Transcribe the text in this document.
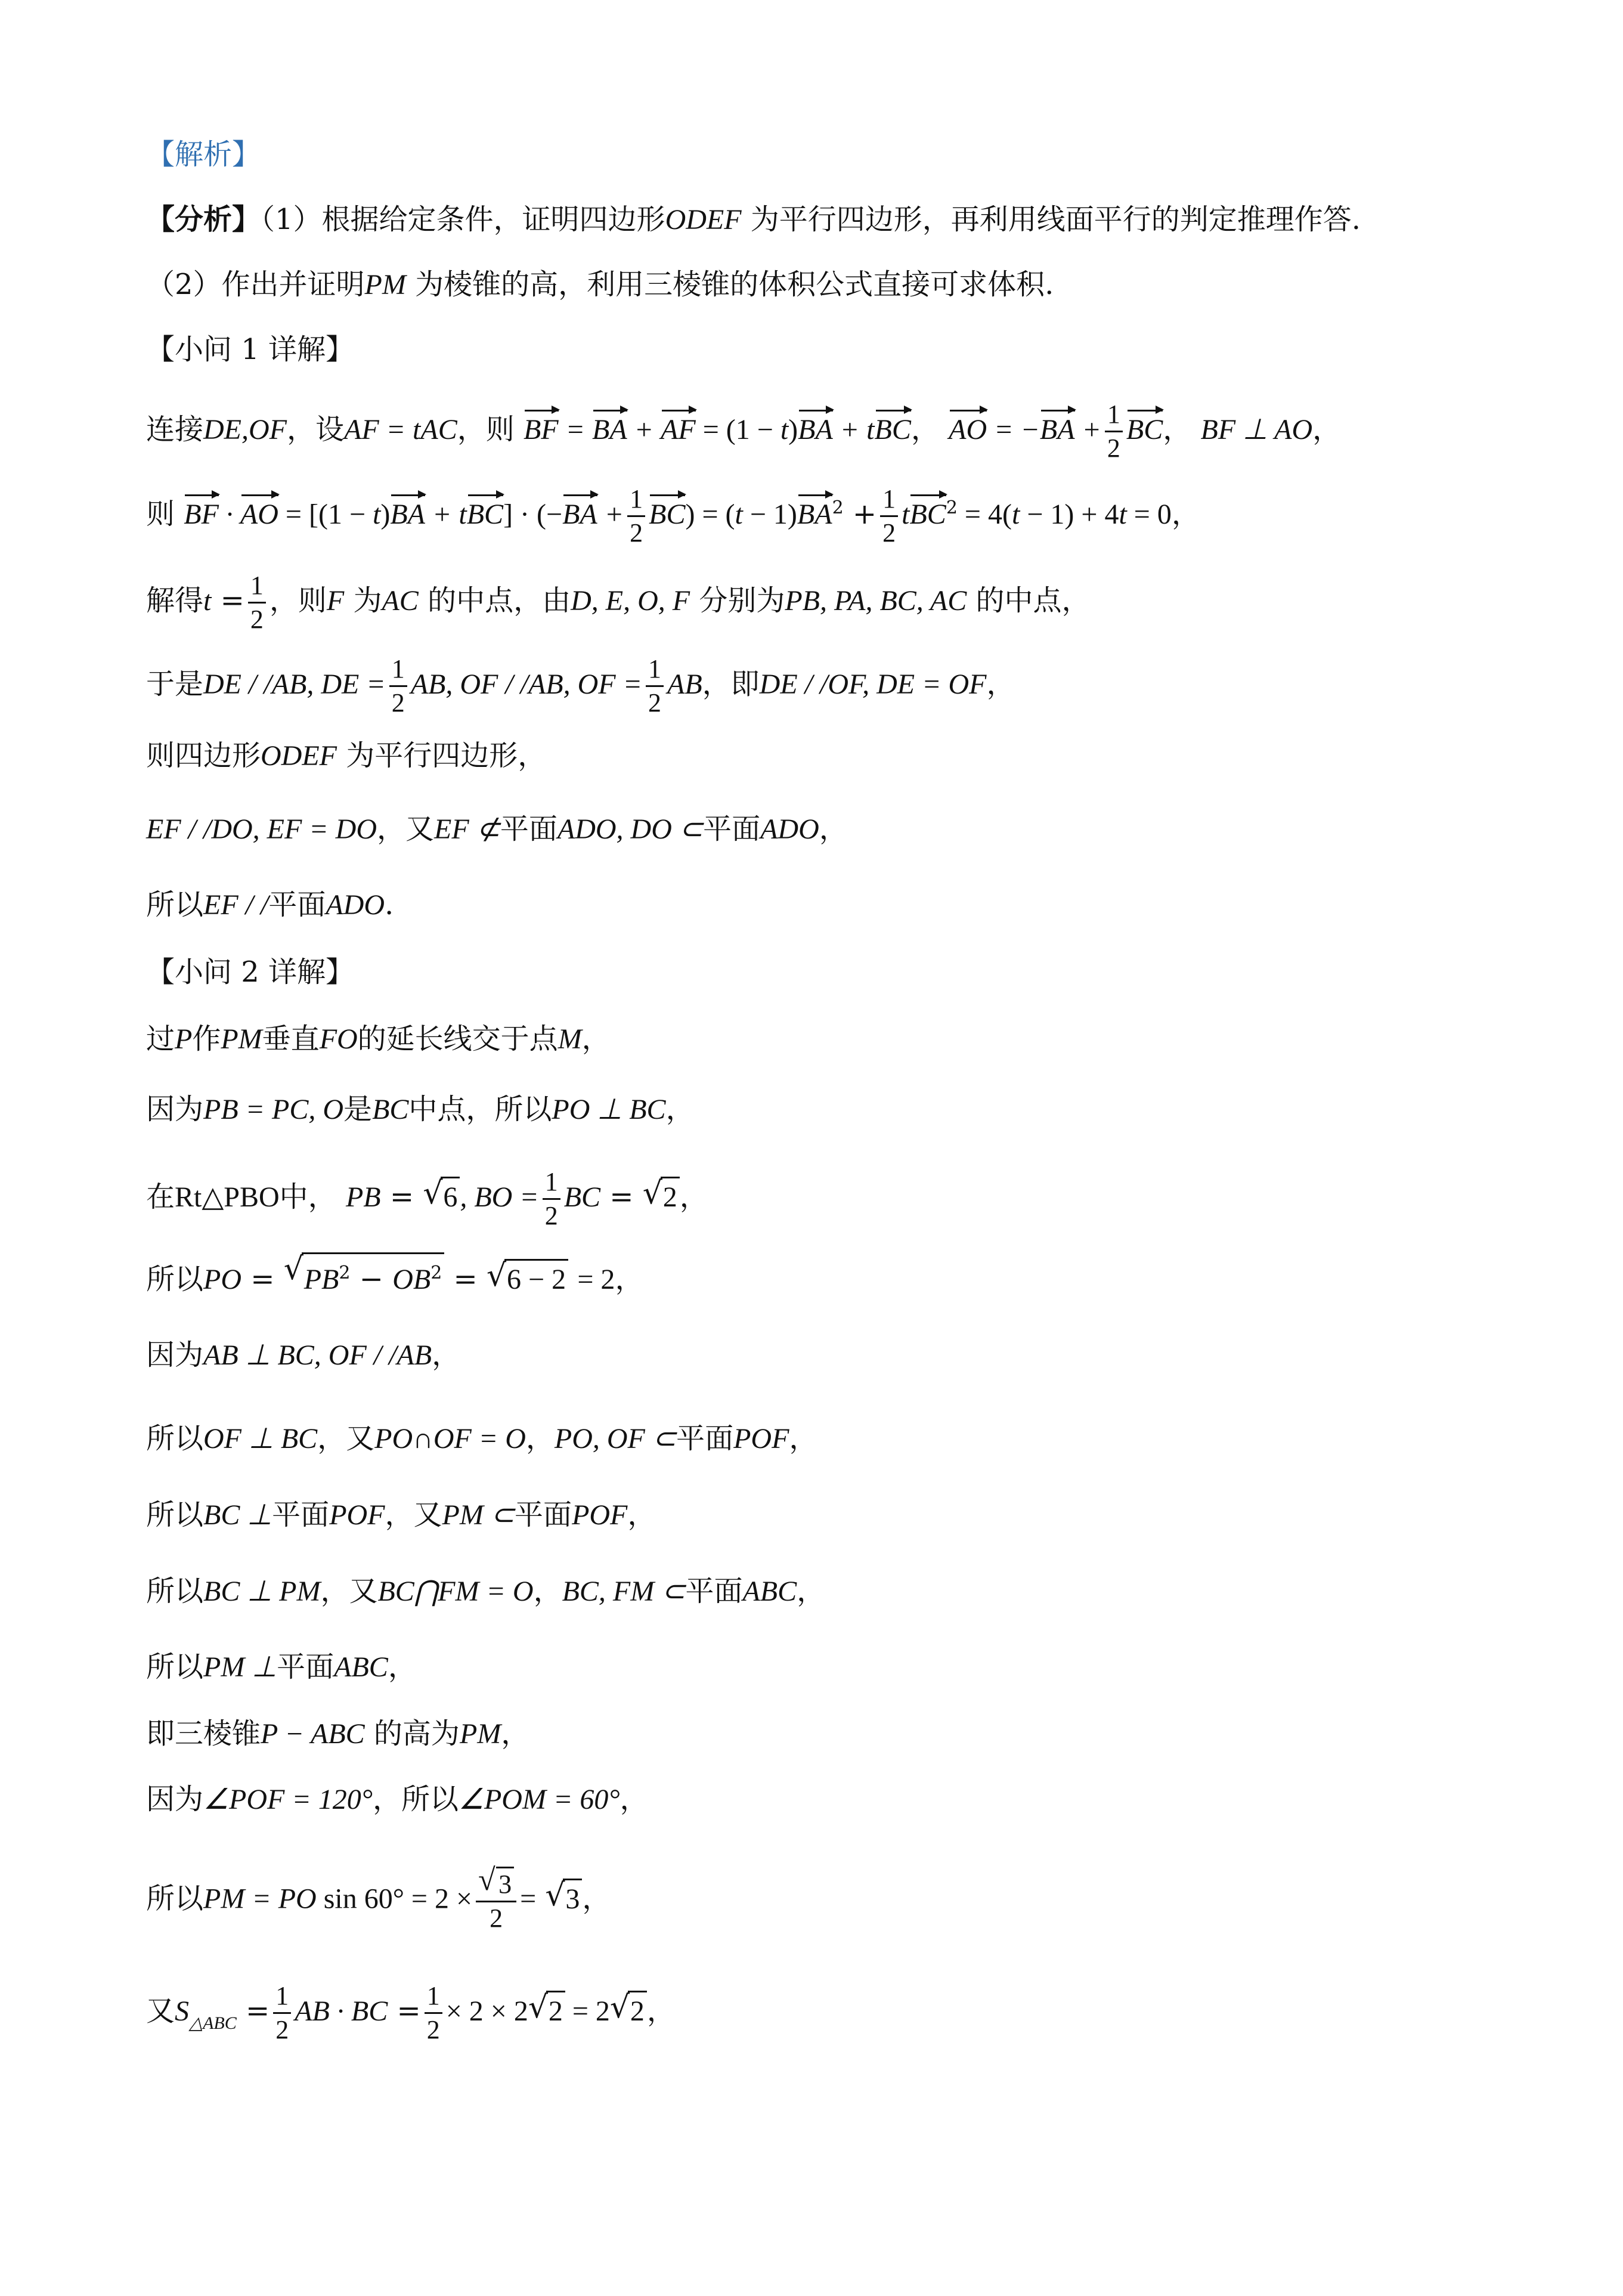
【解析】
【分析】（1）根据给定条件，证明四边形ODEF 为平行四边形，再利用线面平行的判定推理作答.
（2）作出并证明PM 为棱锥的高，利用三棱锥的体积公式直接可求体积.
【小问 1 详解】
连接DE,OF，设AF = tAC，则 BF = BA + AF = (1 − t)BA + tBC， AO = $-BA + \frac{1}{2}$ BC， BF ⊥ AO，
则 BF · AO = $[(1 - t)BA + tBC] \cdot (-BA + \frac{1}{2} BC) = (t - 1)BA^2 + \frac{1}{2} tBC^2 = 4(t - 1) + 4t = 0$，
解得$t = \frac{1}{2}$ ，则F 为AC 的中点，由D, E, O, F 分别为PB, PA, BC, AC 的中点，
于是DE / /AB, DE = $\frac{1}{2}$ AB, OF / /AB, OF = $\frac{1}{2}$ AB，即DE / /OF, DE = OF，
则四边形ODEF 为平行四边形，
EF / /DO, EF = DO，又EF ⊄平面ADO, DO ⊂平面ADO，
所以EF / /平面ADO.
【小问 2 详解】
过P作PM垂直FO的延长线交于点M，
因为PB = PC, O是BC中点，所以PO ⊥ BC，
在Rt△PBO中， PB = √ 6, BO = $\frac{1}{2}$ BC = √ 2，
所以PO = √ $PB^2 - OB^2$ = √ 6 − 2 = 2，
因为AB ⊥ BC, OF / /AB，
所以OF ⊥ BC，又PO∩OF = O，PO, OF ⊂平面POF，
所以BC ⊥平面POF，又PM ⊂平面POF，
所以BC ⊥ PM，又BC⋂FM = O，BC, FM ⊂平面ABC，
所以PM ⊥平面ABC，
即三棱锥P − ABC 的高为PM，
因为∠POF = 120°，所以∠POM = 60°，
所以PM = PO sin 60° = 2 ×
√ $\frac{3}{2}$ = √ 3，
又$S_{\triangle ABC} = \frac{1}{2}$ AB · BC = $\frac{1}{2} \times 2 \times 2√$ 2 = 2√ 2，
